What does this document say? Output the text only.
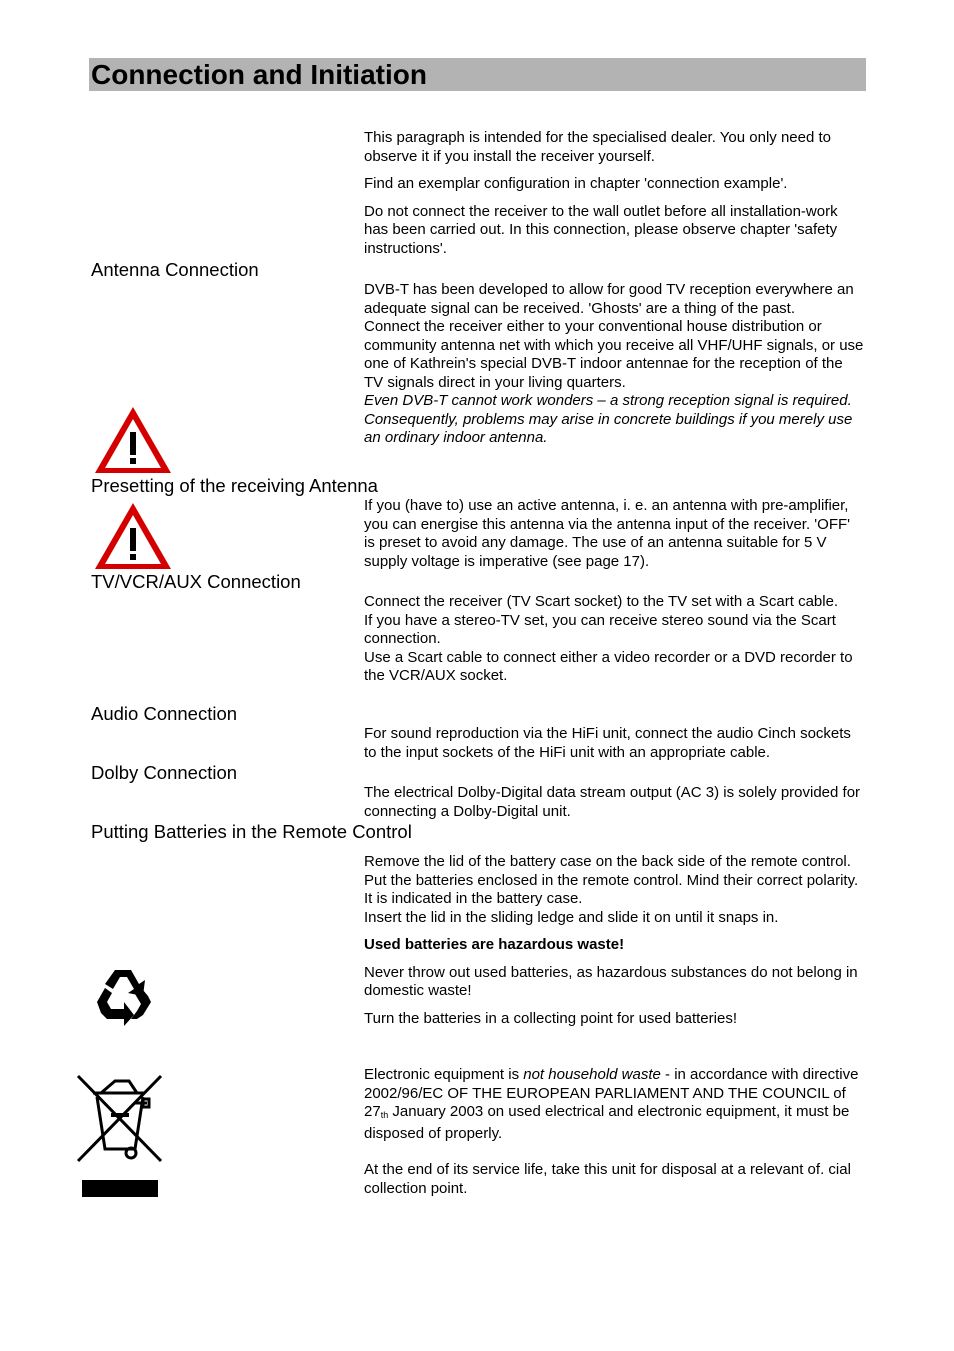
Connection and Initiation

This paragraph is intended for the specialised dealer. You only need to observe it if you install the receiver yourself.

Find an exemplar configuration in chapter 'connection example'.

Do not connect the receiver to the wall outlet before all installation-work has been carried out. In this connection, please observe chapter 'safety instructions'.

Antenna Connection

DVB-T has been developed to allow for good TV reception everywhere an adequate signal can be received. 'Ghosts' are a thing of the past.

Connect the receiver either to your conventional house distribution or community antenna net with which you receive all VHF/UHF signals, or use one of Kathrein's special DVB-T indoor antennae for the reception of the TV signals direct in your living quarters.

Even DVB-T cannot work wonders – a strong reception signal is required. Consequently, problems may arise in concrete buildings if you merely use an ordinary indoor antenna.

Presetting of the receiving Antenna

If you (have to) use an active antenna, i. e. an antenna with pre-amplifier, you can energise this antenna via the antenna input of the receiver. 'OFF' is preset to avoid any damage. The use of an antenna suitable for 5 V supply voltage is imperative (see page 17).

TV/VCR/AUX Connection

Connect the receiver (TV Scart socket) to the TV set with a Scart cable.

If you have a stereo-TV set, you can receive stereo sound via the Scart connection.

Use a Scart cable to connect either a video recorder or a DVD recorder to the VCR/AUX socket.

Audio Connection

For sound reproduction via the HiFi unit, connect the audio Cinch sockets to the input sockets of the HiFi unit with an appropriate cable.

Dolby Connection

The electrical Dolby-Digital data stream output (AC 3) is solely provided for connecting a Dolby-Digital unit.

Putting Batteries in the Remote Control

Remove the lid of the battery case on the back side of the remote control.

Put the batteries enclosed in the remote control. Mind their correct polarity. It is indicated in the battery case.

Insert the lid in the sliding ledge and slide it on until it snaps in.

Used batteries are hazardous waste!

Never throw out used batteries, as hazardous substances do not belong in domestic waste!

Turn the batteries in a collecting point for used batteries!

Electronic equipment is not household waste - in accordance with directive 2002/96/EC OF THE EUROPEAN PARLIAMENT AND THE COUNCIL of $27_{th}$ January 2003 on used electrical and electronic equipment, it must be disposed of properly.

At the end of its service life, take this unit for disposal at a relevant of. cial collection point.
